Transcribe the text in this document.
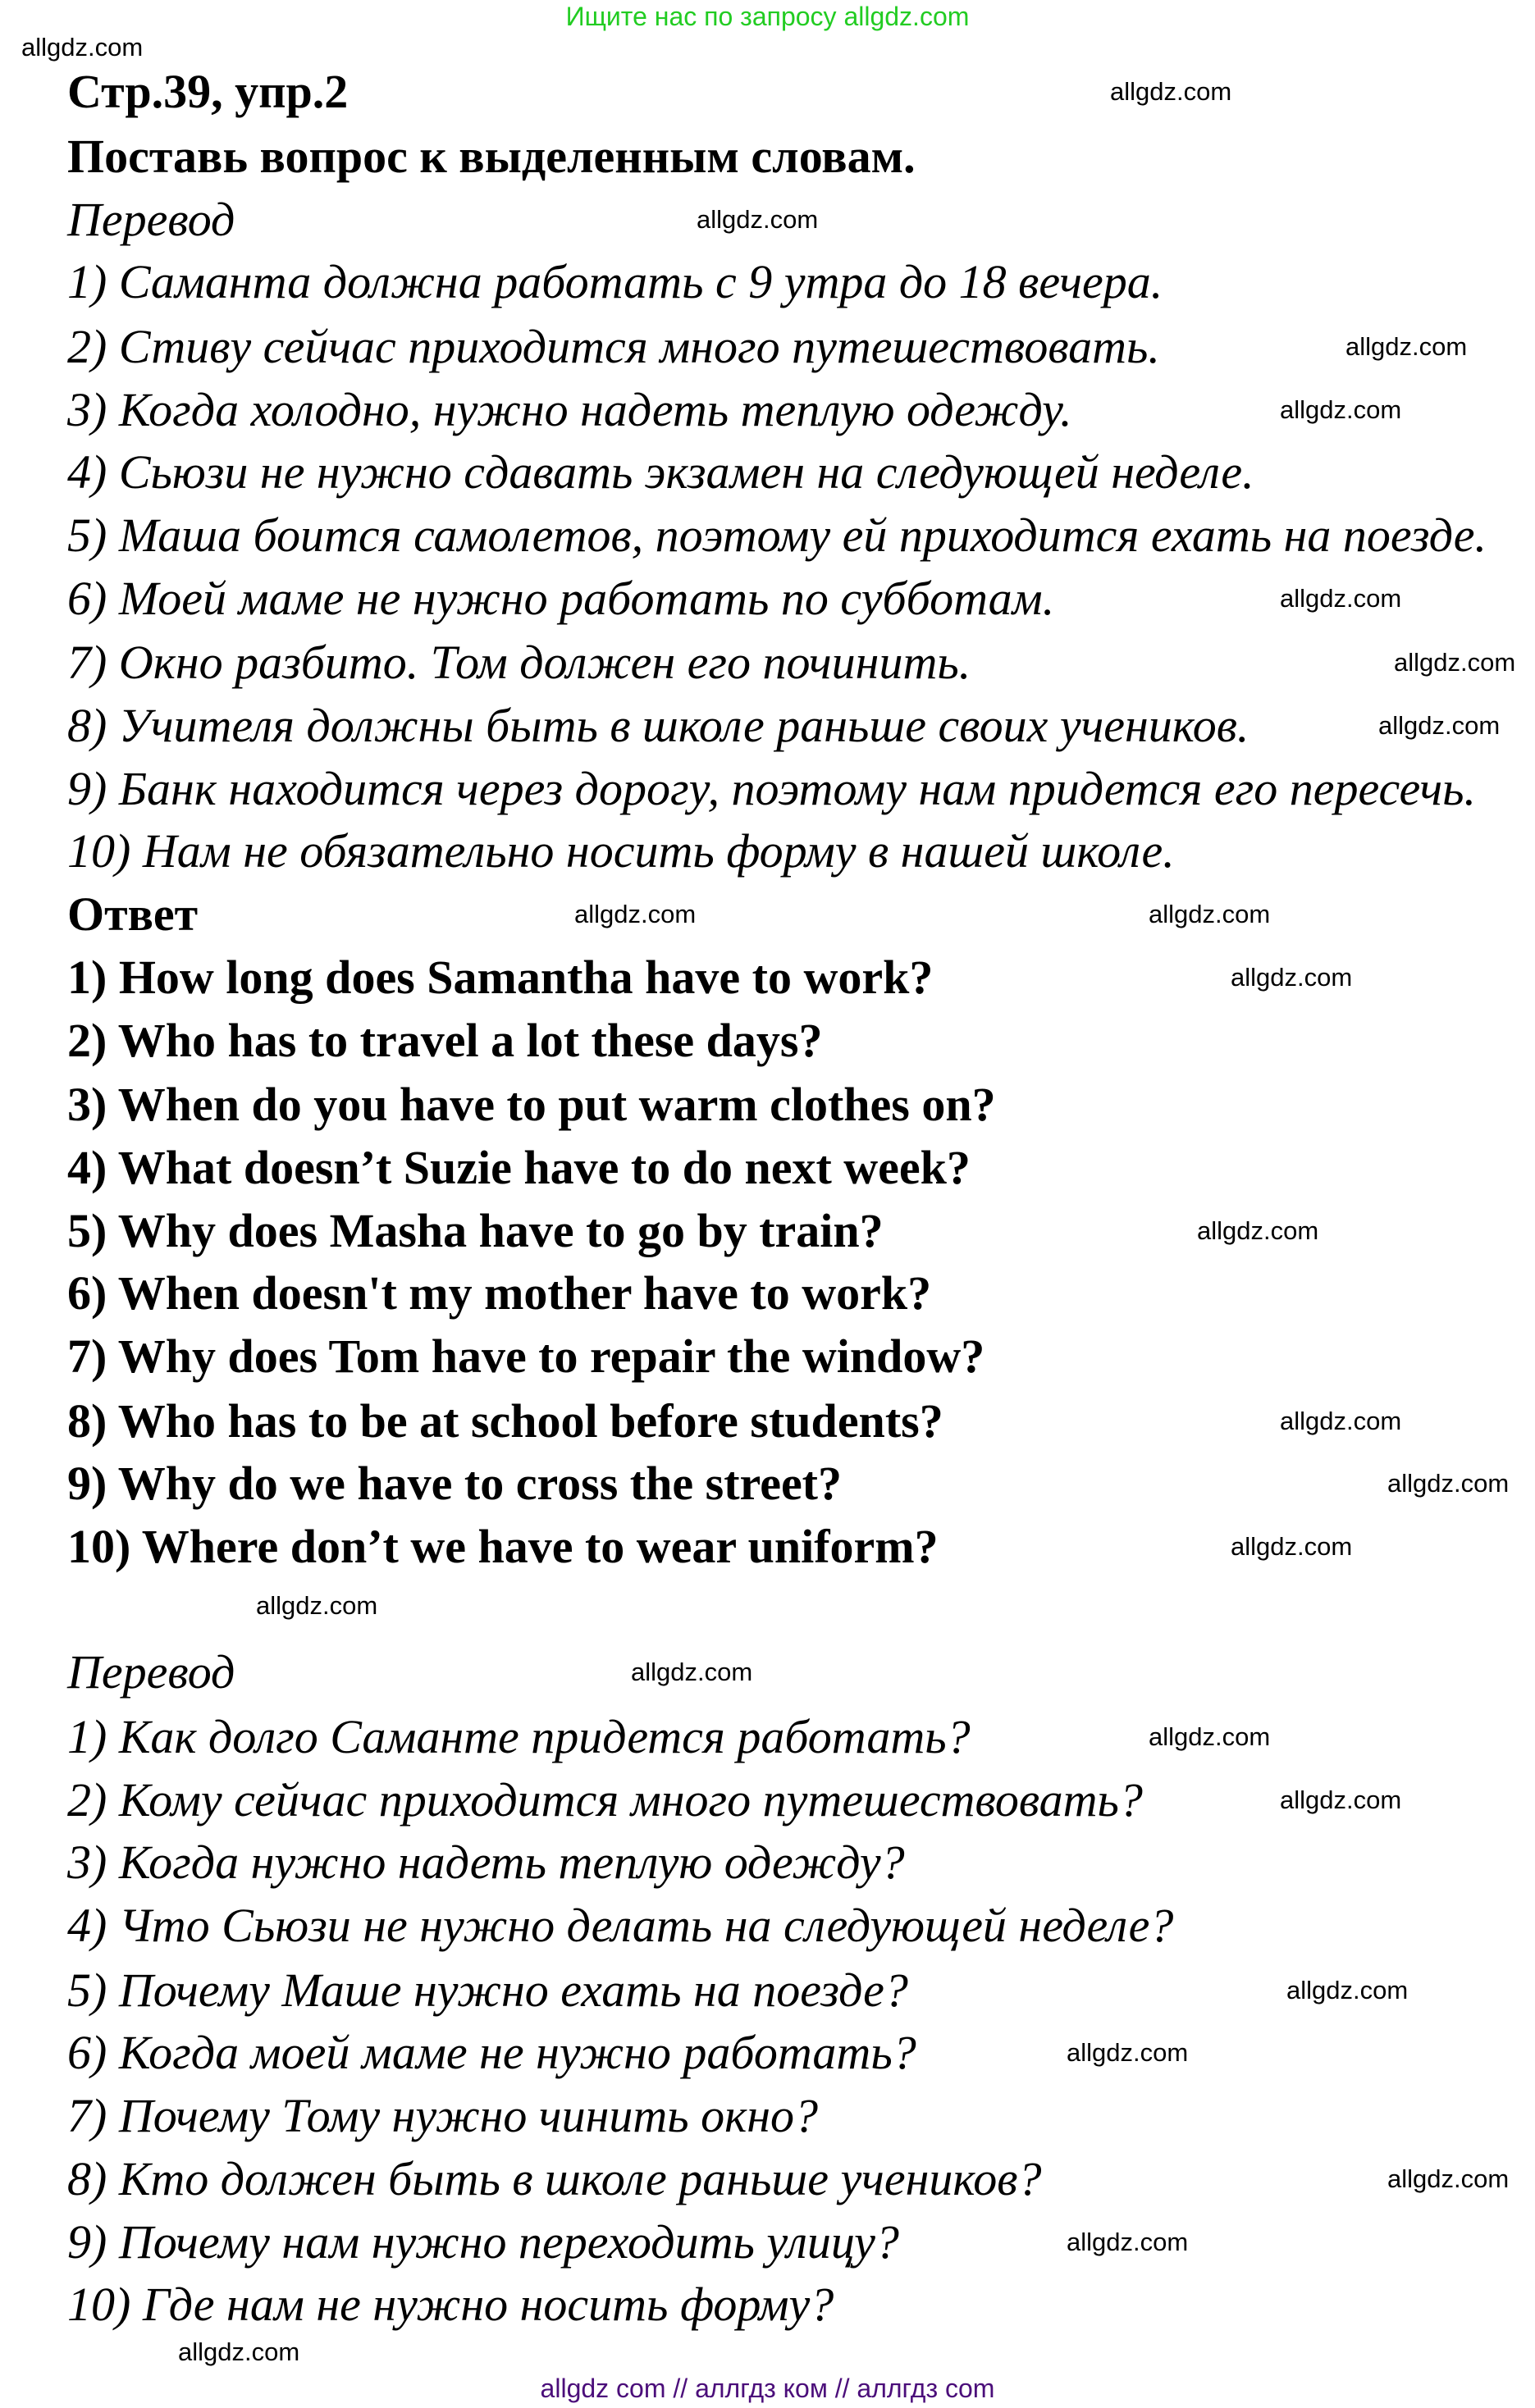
Ищите нас по запросу allgdz.com
Стр.39, упр.2
Поставь вопрос к выделенным словам.
Перевод
1) Саманта должна работать с 9 утра до 18 вечера.
2) Стиву сейчас приходится много путешествовать.
3) Когда холодно, нужно надеть теплую одежду.
4) Сьюзи не нужно сдавать экзамен на следующей неделе.
5) Маша боится самолетов, поэтому ей приходится ехать на поезде.
6) Моей маме не нужно работать по субботам.
7) Окно разбито. Том должен его починить.
8) Учителя должны быть в школе раньше своих учеников.
9) Банк находится через дорогу, поэтому нам придется его пересечь.
10) Нам не обязательно носить форму в нашей школе.
Ответ
1) How long does Samantha have to work?
2) Who has to travel a lot these days?
3) When do you have to put warm clothes on?
4) What doesn’t Suzie have to do next week?
5) Why does Masha have to go by train?
6) When doesn't my mother have to work?
7) Why does Tom have to repair the window?
8) Who has to be at school before students?
9) Why do we have to cross the street?
10) Where don’t we have to wear uniform?
Перевод
1) Как долго Саманте придется работать?
2) Кому сейчас приходится много путешествовать?
3) Когда нужно надеть теплую одежду?
4) Что Сьюзи не нужно делать на следующей неделе?
5) Почему Маше нужно ехать на поезде?
6) Когда моей маме не нужно работать?
7) Почему Тому нужно чинить окно?
8) Кто должен быть в школе раньше учеников?
9) Почему нам нужно переходить улицу?
10) Где нам не нужно носить форму?
allgdz.com
allgdz.com
allgdz.com
allgdz.com
allgdz.com
allgdz.com
allgdz.com
allgdz.com
allgdz.com	allgdz.com
allgdz.com
allgdz.com
allgdz.com
allgdz.com
allgdz.com
allgdz.com
allgdz.com
allgdz.com
allgdz.com
allgdz.com
allgdz.com
allgdz.com
allgdz.com
allgdz.com
allgdz com // аллгдз ком // аллгдз com
